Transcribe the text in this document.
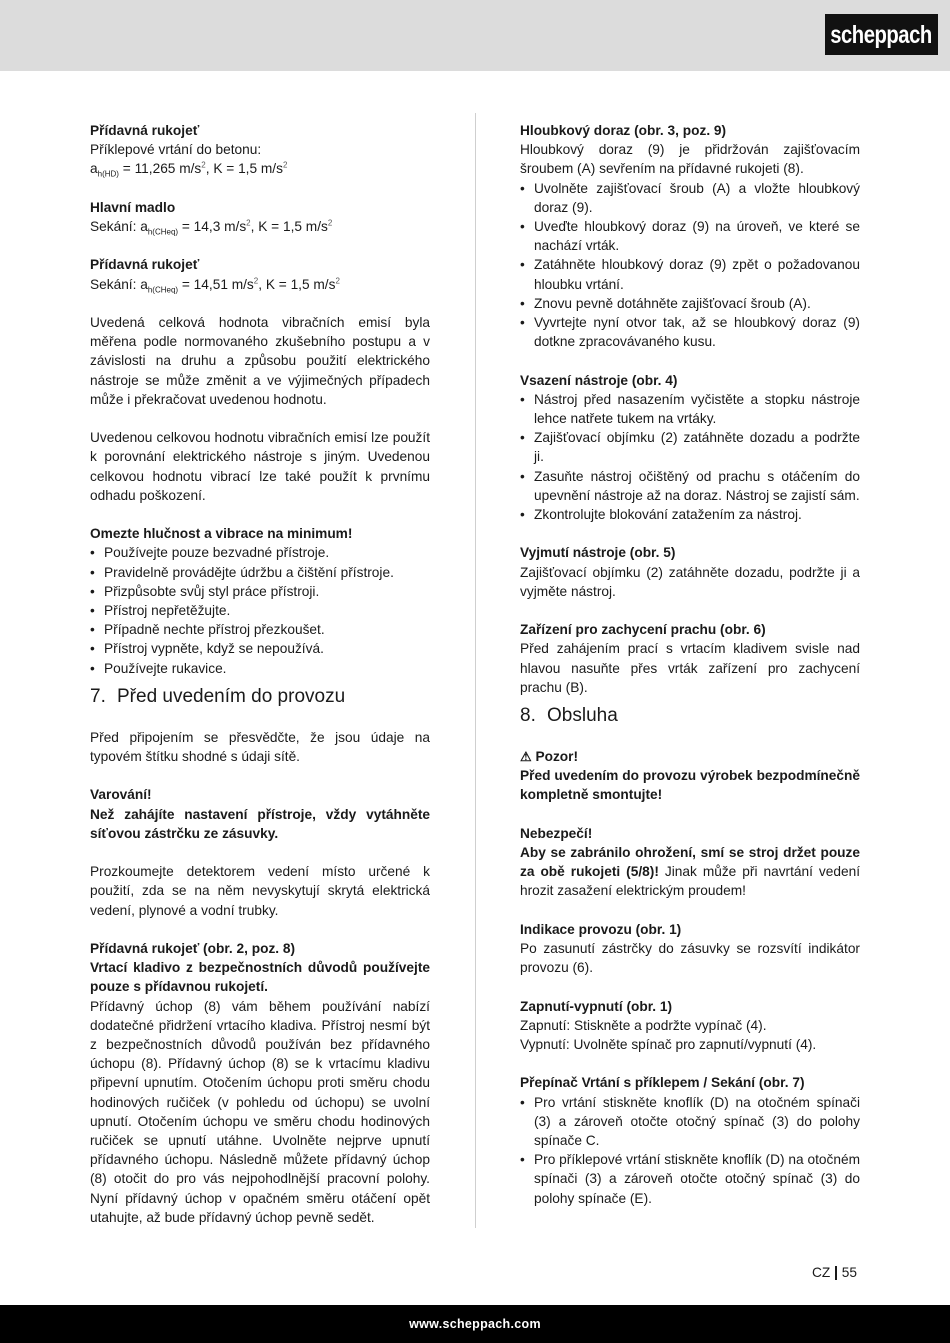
scheppach

Přídavná rukojeť

Příklepové vrtání do betonu:

$a_{h(HD)} = 11,265$ $m/s^2$, K = 1,5 $m/s^2$

Hlavní madlo

Sekání: $a_{h(CHeq)} = 14,3$ $m/s^2$, K = 1,5 $m/s^2$

Přídavná rukojeť

Sekání: $a_{h(CHeq)} = 14,51$ $m/s^2$, K = 1,5 $m/s^2$

Uvedená celková hodnota vibračních emisí byla měřena podle normovaného zkušebního postupu a v závislosti na druhu a způsobu použití elektrického nástroje se může změnit a ve výjimečných případech může i překračovat uvedenou hodnotu.

Uvedenou celkovou hodnotu vibračních emisí lze použít k porovnání elektrického nástroje s jiným. Uvedenou celkovou hodnotu vibrací lze také použít k prvnímu odhadu poškození.

Omezte hlučnost a vibrace na minimum!

• Používejte pouze bezvadné přístroje.
• Pravidelně provádějte údržbu a čištění přístroje.
• Přizpůsobte svůj styl práce přístroji.
• Přístroj nepřetěžujte.
• Případně nechte přístroj přezkoušet.
• Přístroj vypněte, když se nepoužívá.
• Používejte rukavice.
7. Před uvedením do provozu

Před připojením se přesvědčte, že jsou údaje na typovém štítku shodné s údaji sítě.

Varování!

Než zahájíte nastavení přístroje, vždy vytáhněte síťovou zástrčku ze zásuvky.

Prozkoumejte detektorem vedení místo určené k použití, zda se na něm nevyskytují skrytá elektrická vedení, plynové a vodní trubky.

Přídavná rukojeť (obr. 2, poz. 8)

Vrtací kladivo z bezpečnostních důvodů používejte pouze s přídavnou rukojetí.

Přídavný úchop (8) vám během používání nabízí dodatečné přidržení vrtacího kladiva. Přístroj nesmí být z bezpečnostních důvodů používán bez přídavného úchopu (8). Přídavný úchop (8) se k vrtacímu kladivu připevní upnutím. Otočením úchopu proti směru chodu hodinových ručiček (v pohledu od úchopu) se uvolní upnutí. Otočením úchopu ve směru chodu hodinových ručiček se upnutí utáhne. Uvolněte nejprve upnutí přídavného úchopu. Následně můžete přídavný úchop (8) otočit do pro vás nejpohodlnější pracovní polohy. Nyní přídavný úchop v opačném směru otáčení opět utahujte, až bude přídavný úchop pevně sedět.

Hloubkový doraz (obr. 3, poz. 9)

Hloubkový doraz (9) je přidržován zajišťovacím šroubem (A) sevřením na přídavné rukojeti (8).

• Uvolněte zajišťovací šroub (A) a vložte hloubkový doraz (9).
• Uveďte hloubkový doraz (9) na úroveň, ve které se nachází vrták.
• Zatáhněte hloubkový doraz (9) zpět o požadovanou hloubku vrtání.
• Znovu pevně dotáhněte zajišťovací šroub (A).
• Vyvrtejte nyní otvor tak, až se hloubkový doraz (9) dotkne zpracovávaného kusu.

Vsazení nástroje (obr. 4)

• Nástroj před nasazením vyčistěte a stopku nástroje lehce natřete tukem na vrtáky.
• Zajišťovací objímku (2) zatáhněte dozadu a podržte ji.
• Zasuňte nástroj očištěný od prachu s otáčením do upevnění nástroje až na doraz. Nástroj se zajistí sám.
• Zkontrolujte blokování zatažením za nástroj.

Vyjmutí nástroje (obr. 5)

Zajišťovací objímku (2) zatáhněte dozadu, podržte ji a vyjměte nástroj.

Zařízení pro zachycení prachu (obr. 6)

Před zahájením prací s vrtacím kladivem svisle nad hlavou nasuňte přes vrták zařízení pro zachycení prachu (B).

8. Obsluha

⚠ Pozor!

Před uvedením do provozu výrobek bezpodmínečně kompletně smontujte!

Nebezpečí!

Aby se zabránilo ohrožení, smí se stroj držet pouze za obě rukojeti (5/8)! Jinak může při navrtání vedení hrozit zasažení elektrickým proudem!

Indikace provozu (obr. 1)

Po zasunutí zástrčky do zásuvky se rozsvítí indikátor provozu (6).

Zapnutí-vypnutí (obr. 1)

Zapnutí: Stiskněte a podržte vypínač (4).

Vypnutí: Uvolněte spínač pro zapnutí/vypnutí (4).

Přepínač Vrtání s příklepem / Sekání (obr. 7)

• Pro vrtání stiskněte knoflík (D) na otočném spínači (3) a zároveň otočte otočný spínač (3) do polohy spínače C.
• Pro příklepové vrtání stiskněte knoflík (D) na otočném spínači (3) a zároveň otočte otočný spínač (3) do polohy spínače (E).
CZ 55
www.scheppach.com
